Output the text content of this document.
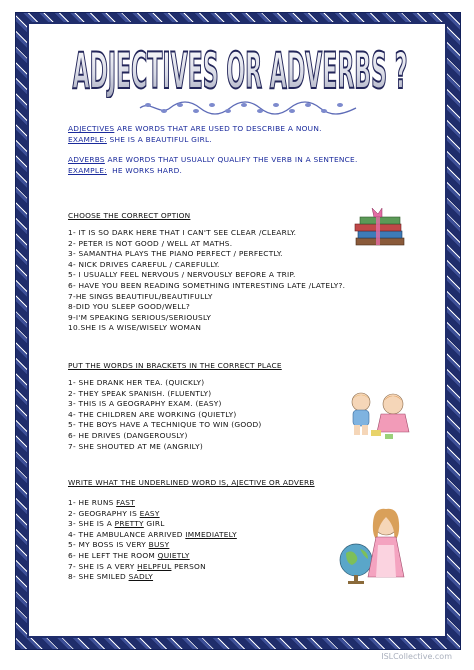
ADJECTIVES OR ADVERBS ?
ADJECTIVES ARE WORDS THAT ARE USED TO DESCRIBE A NOUN.
EXAMPLE: SHE IS A BEAUTIFUL GIRL.
ADVERBS ARE WORDS THAT USUALLY QUALIFY THE VERB IN A SENTENCE.
EXAMPLE:  HE WORKS HARD.
CHOOSE THE CORRECT OPTION
1- IT IS SO DARK HERE THAT I CAN'T SEE CLEAR /CLEARLY.
2- PETER IS NOT GOOD / WELL AT MATHS.
3- SAMANTHA PLAYS THE PIANO PERFECT / PERFECTLY.
4- NICK DRIVES CAREFUL / CAREFULLY.
5- I USUALLY FEEL NERVOUS / NERVOUSLY BEFORE A TRIP.
6- HAVE YOU BEEN READING SOMETHING INTERESTING LATE /LATELY?.
7-HE SINGS BEAUTIFUL/BEAUTIFULLY
8-DID YOU SLEEP GOOD/WELL?
9-I'M SPEAKING SERIOUS/SERIOUSLY
10.SHE IS A WISE/WISELY WOMAN
PUT THE WORDS IN BRACKETS IN THE CORRECT PLACE
1- SHE DRANK HER TEA. (QUICKLY)
2- THEY SPEAK SPANISH. (FLUENTLY)
3- THIS IS A GEOGRAPHY EXAM. (EASY)
4- THE CHILDREN ARE WORKING (QUIETLY)
5- THE BOYS HAVE A TECHNIQUE TO WIN (GOOD)
6- HE DRIVES (DANGEROUSLY)
7- SHE SHOUTED AT ME (ANGRILY)
WRITE WHAT THE UNDERLINED WORD IS, AJECTIVE OR ADVERB
1- HE RUNS FAST
2- GEOGRAPHY IS EASY
3- SHE IS A PRETTY GIRL
4- THE AMBULANCE ARRIVED IMMEDIATELY
5- MY BOSS IS VERY BUSY
6- HE LEFT THE ROOM QUIETLY
7- SHE IS A VERY HELPFUL PERSON
8- SHE SMILED SADLY
ISLCollective.com
